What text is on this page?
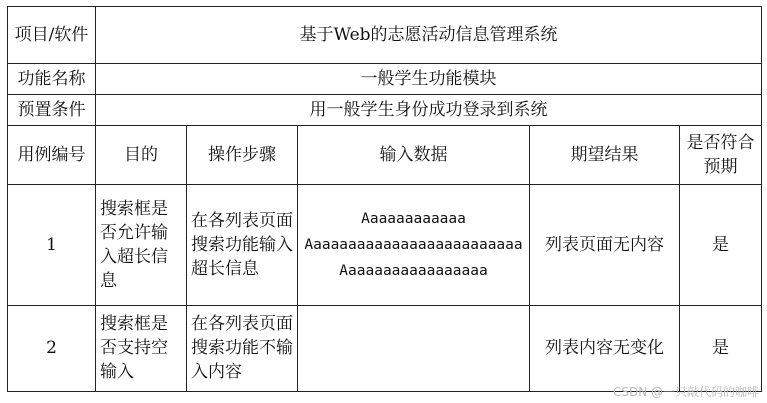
项目/软件	基于Web的志愿活动信息管理系统				
功能名称	一般学生功能模块				
预置条件	用一般学生身份成功登录到系统				
用例编号	目的	操作步骤	输入数据	期望结果	是否符合预期
1	搜索框是否允许输入超长信息	在各列表页面搜索功能输入超长信息	Aaaaaaaaaaaa
Aaaaaaaaaaaaaaaaaaaaaaaaa
Aaaaaaaaaaaaaaaaa	列表页面无内容	是
2	搜索框是否支持空输入	在各列表页面搜索功能不输入内容		列表内容无变化	是
CSDN @一只敲代码的咖啡
